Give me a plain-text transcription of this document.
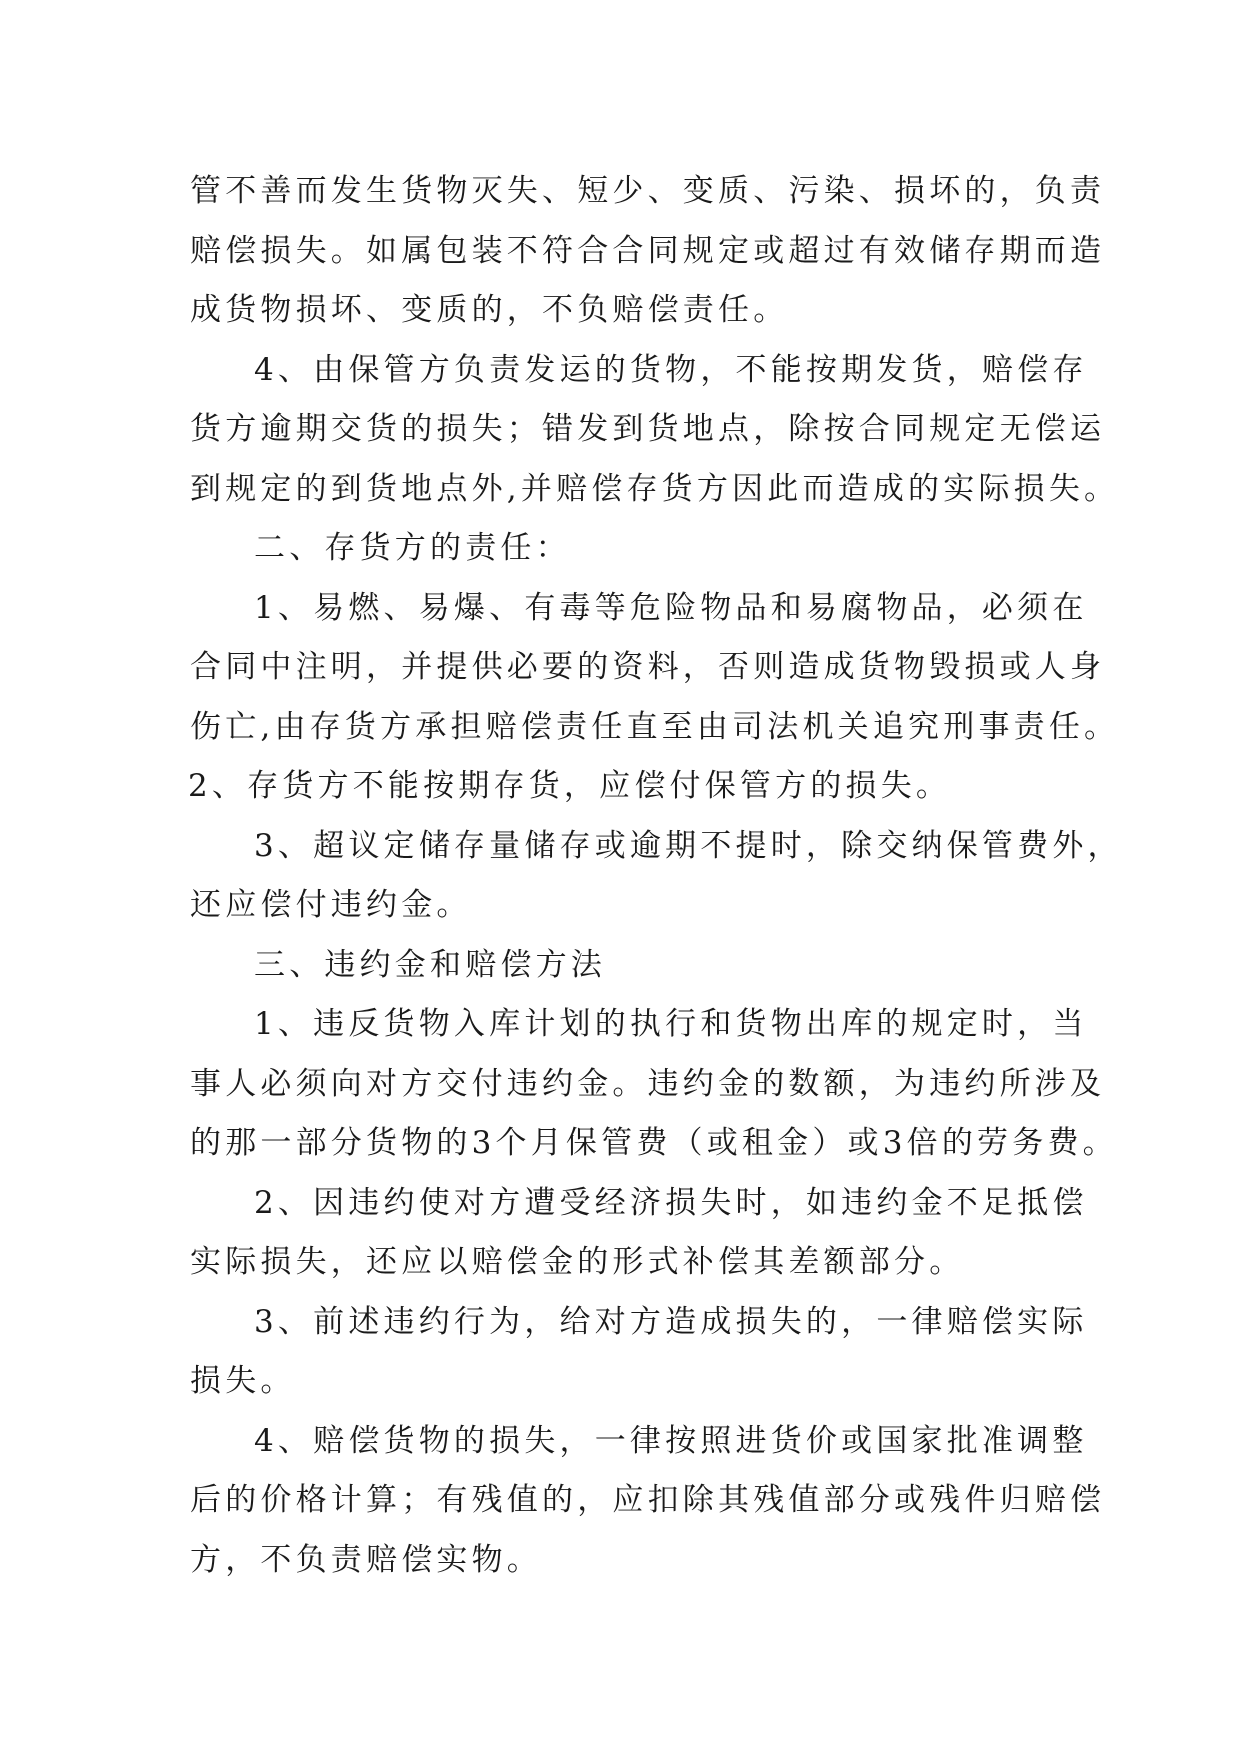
管不善而发生货物灭失、短少、变质、污染、损坏的，负责
赔偿损失。如属包装不符合合同规定或超过有效储存期而造
成货物损坏、变质的，不负赔偿责任。
4、由保管方负责发运的货物，不能按期发货，赔偿存
货方逾期交货的损失；错发到货地点，除按合同规定无偿运
到规定的到货地点外,并赔偿存货方因此而造成的实际损失。
二、存货方的责任：
1、易燃、易爆、有毒等危险物品和易腐物品，必须在
合同中注明，并提供必要的资料，否则造成货物毁损或人身
伤亡,由存货方承担赔偿责任直至由司法机关追究刑事责任。
2、存货方不能按期存货，应偿付保管方的损失。
3、超议定储存量储存或逾期不提时，除交纳保管费外，
还应偿付违约金。
三、违约金和赔偿方法
1、违反货物入库计划的执行和货物出库的规定时，当
事人必须向对方交付违约金。违约金的数额，为违约所涉及
的那一部分货物的3个月保管费（或租金）或3倍的劳务费。
2、因违约使对方遭受经济损失时，如违约金不足抵偿
实际损失，还应以赔偿金的形式补偿其差额部分。
3、前述违约行为，给对方造成损失的，一律赔偿实际
损失。
4、赔偿货物的损失，一律按照进货价或国家批准调整
后的价格计算；有残值的，应扣除其残值部分或残件归赔偿
方，不负责赔偿实物。
